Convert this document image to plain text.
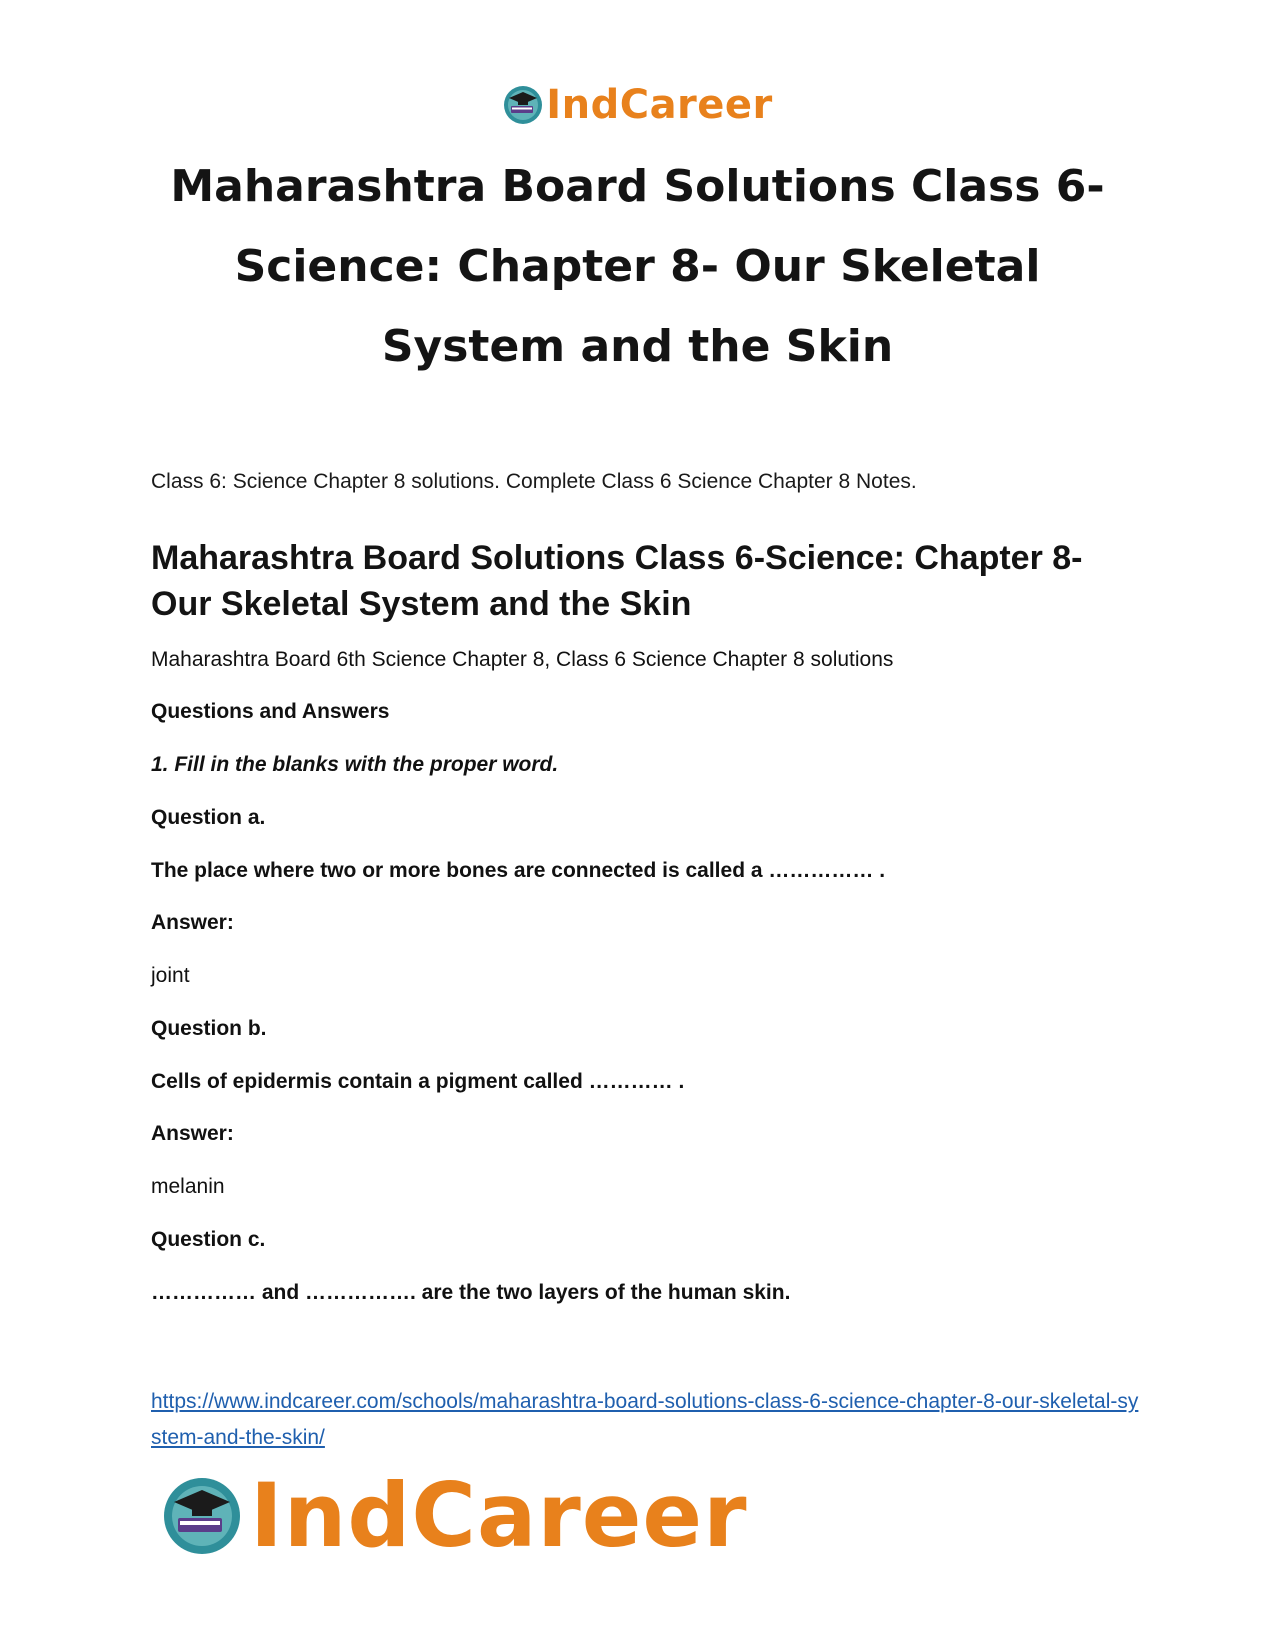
IndCareer
Maharashtra Board Solutions Class 6-Science: Chapter 8- Our Skeletal System and the Skin

Class 6: Science Chapter 8 solutions. Complete Class 6 Science Chapter 8 Notes.

Maharashtra Board Solutions Class 6-Science: Chapter 8- Our Skeletal System and the Skin

Maharashtra Board 6th Science Chapter 8, Class 6 Science Chapter 8 solutions

Questions and Answers

1. Fill in the blanks with the proper word.

Question a.

The place where two or more bones are connected is called a …………… .

Answer:

joint

Question b.

Cells of epidermis contain a pigment called ………… .

Answer:

melanin

Question c.

…………… and ……………. are the two layers of the human skin.

https://www.indcareer.com/schools/maharashtra-board-solutions-class-6-science-chapter-8-our-skeletal-system-and-the-skin/
IndCareer
